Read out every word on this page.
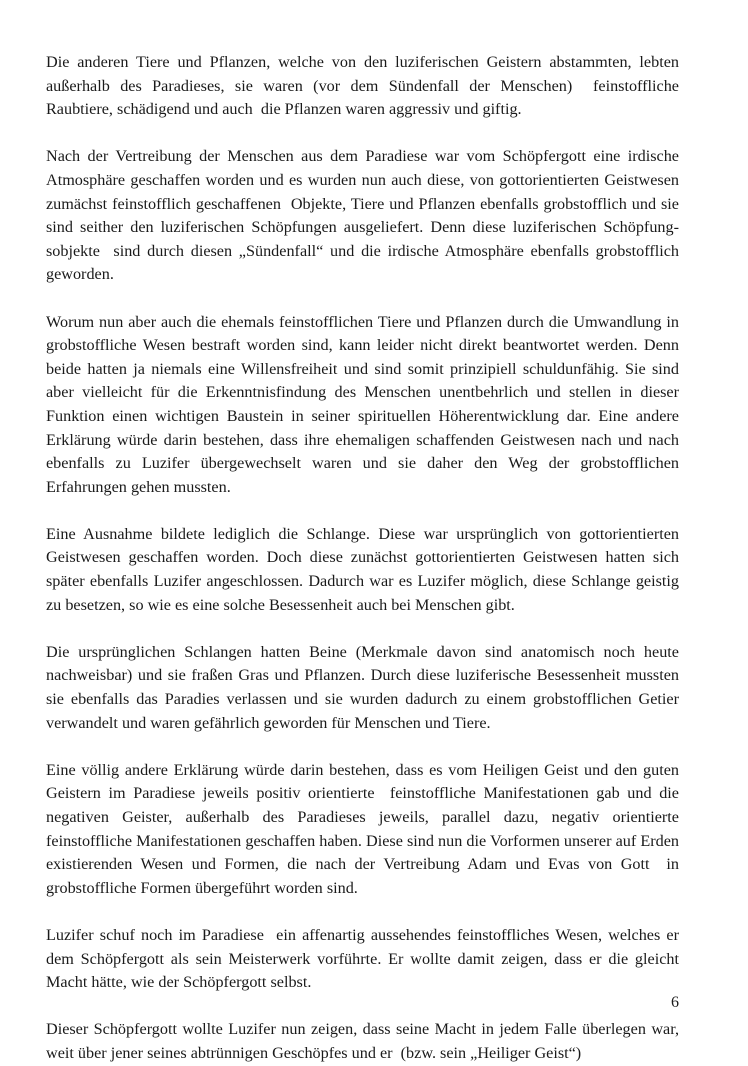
Die anderen Tiere und Pflanzen, welche von den luziferischen Geistern abstammten, lebten außerhalb des Paradieses, sie waren (vor dem Sündenfall der Menschen)  feinstoffliche Raubtiere, schädigend und auch  die Pflanzen waren aggressiv und giftig.

Nach der Vertreibung der Menschen aus dem Paradiese war vom Schöpfergott eine irdische Atmosphäre geschaffen worden und es wurden nun auch diese, von gottorientierten Geistwesen zumächst feinstofflich geschaffenen  Objekte, Tiere und Pflanzen ebenfalls grobstofflich und sie sind seither den luziferischen Schöpfungen ausgeliefert. Denn diese luziferischen Schöpfung-sobjekte  sind durch diesen „Sündenfall“ und die irdische Atmosphäre ebenfalls grobstofflich geworden.

Worum nun aber auch die ehemals feinstofflichen Tiere und Pflanzen durch die Umwandlung in grobstoffliche Wesen bestraft worden sind, kann leider nicht direkt beantwortet werden. Denn beide hatten ja niemals eine Willensfreiheit und sind somit prinzipiell schuldunfähig. Sie sind aber vielleicht für die Erkenntnisfindung des Menschen unentbehrlich und stellen in dieser Funktion einen wichtigen Baustein in seiner spirituellen Höherentwicklung dar. Eine andere Erklärung würde darin bestehen, dass ihre ehemaligen schaffenden Geistwesen nach und nach ebenfalls zu Luzifer übergewechselt waren und sie daher den Weg der grobstofflichen Erfahrungen gehen mussten.

Eine Ausnahme bildete lediglich die Schlange. Diese war ursprünglich von gottorientierten Geistwesen geschaffen worden. Doch diese zunächst gottorientierten Geistwesen hatten sich später ebenfalls Luzifer angeschlossen. Dadurch war es Luzifer möglich, diese Schlange geistig zu besetzen, so wie es eine solche Besessenheit auch bei Menschen gibt.

Die ursprünglichen Schlangen hatten Beine (Merkmale davon sind anatomisch noch heute nachweisbar) und sie fraßen Gras und Pflanzen. Durch diese luziferische Besessenheit mussten sie ebenfalls das Paradies verlassen und sie wurden dadurch zu einem grobstofflichen Getier verwandelt und waren gefährlich geworden für Menschen und Tiere.

Eine völlig andere Erklärung würde darin bestehen, dass es vom Heiligen Geist und den guten Geistern im Paradiese jeweils positiv orientierte  feinstoffliche Manifestationen gab und die negativen Geister, außerhalb des Paradieses jeweils, parallel dazu, negativ orientierte feinstoffliche Manifestationen geschaffen haben. Diese sind nun die Vorformen unserer auf Erden existierenden Wesen und Formen, die nach der Vertreibung Adam und Evas von Gott  in grobstoffliche Formen übergeführt worden sind.

Luzifer schuf noch im Paradiese  ein affenartig aussehendes feinstoffliches Wesen, welches er  dem Schöpfergott als sein Meisterwerk vorführte. Er wollte damit zeigen, dass er die gleicht Macht hätte, wie der Schöpfergott selbst.

Dieser Schöpfergott wollte Luzifer nun zeigen, dass seine Macht in jedem Falle überlegen war, weit über jener seines abtrünnigen Geschöpfes und er  (bzw. sein „Heiliger Geist“)

6
